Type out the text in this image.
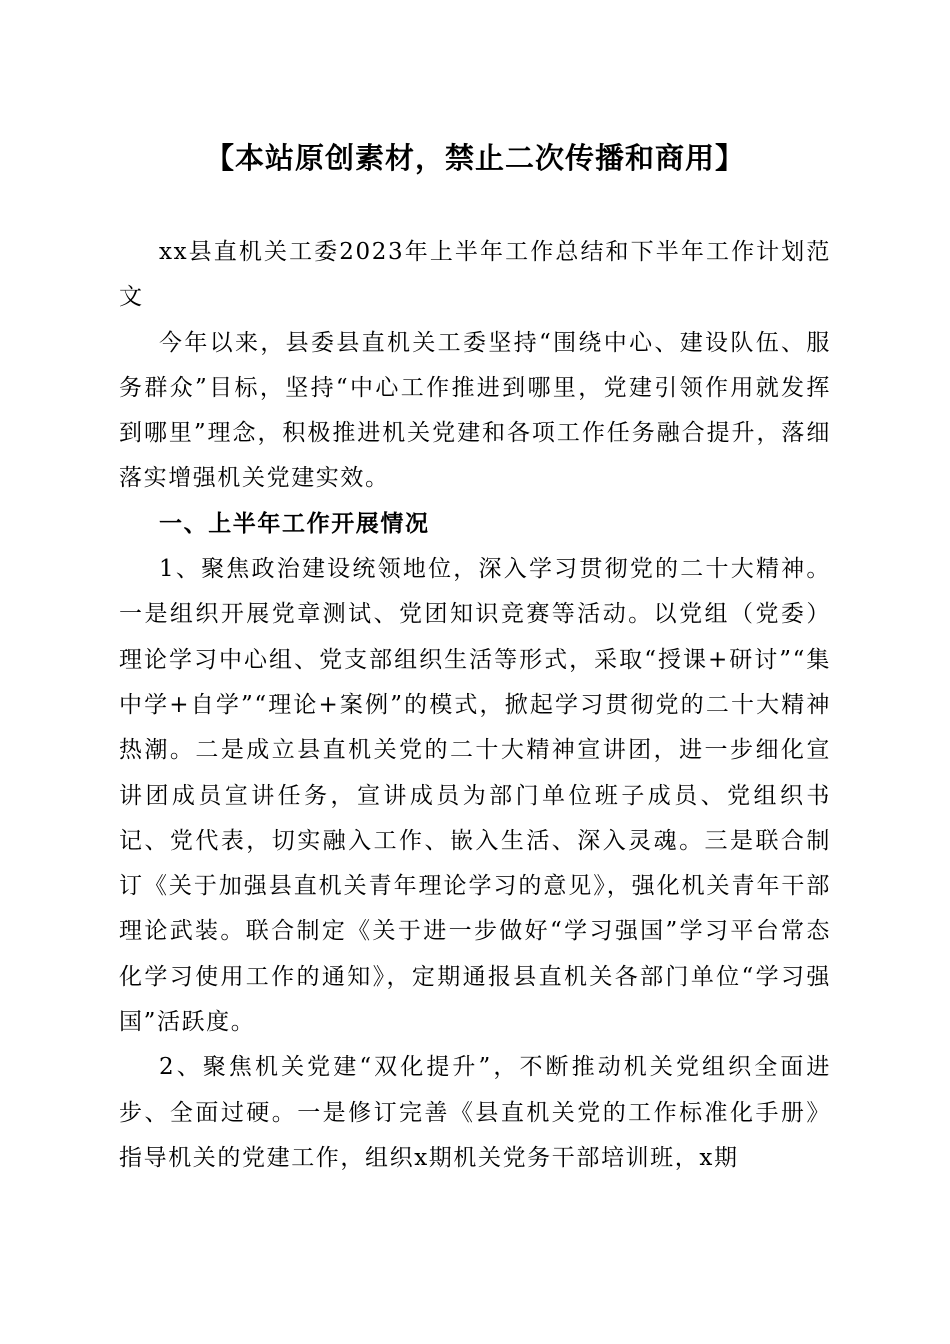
【本站原创素材，禁止二次传播和商用】

xx县直机关工委2023年上半年工作总结和下半年工作计划范文

今年以来，县委县直机关工委坚持“围绕中心、建设队伍、服务群众”目标，坚持“中心工作推进到哪里，党建引领作用就发挥到哪里”理念，积极推进机关党建和各项工作任务融合提升，落细落实增强机关党建实效。

一、上半年工作开展情况

1、聚焦政治建设统领地位，深入学习贯彻党的二十大精神。一是组织开展党章测试、党团知识竞赛等活动。以党组（党委）理论学习中心组、党支部组织生活等形式，采取“授课+研讨”“集中学+自学”“理论+案例”的模式，掀起学习贯彻党的二十大精神热潮。二是成立县直机关党的二十大精神宣讲团，进一步细化宣讲团成员宣讲任务，宣讲成员为部门单位班子成员、党组织书记、党代表，切实融入工作、嵌入生活、深入灵魂。三是联合制订《关于加强县直机关青年理论学习的意见》，强化机关青年干部理论武装。联合制定《关于进一步做好“学习强国”学习平台常态化学习使用工作的通知》，定期通报县直机关各部门单位“学习强国”活跃度。

2、聚焦机关党建“双化提升”，不断推动机关党组织全面进步、全面过硬。一是修订完善《县直机关党的工作标准化手册》指导机关的党建工作，组织x期机关党务干部培训班，x期
